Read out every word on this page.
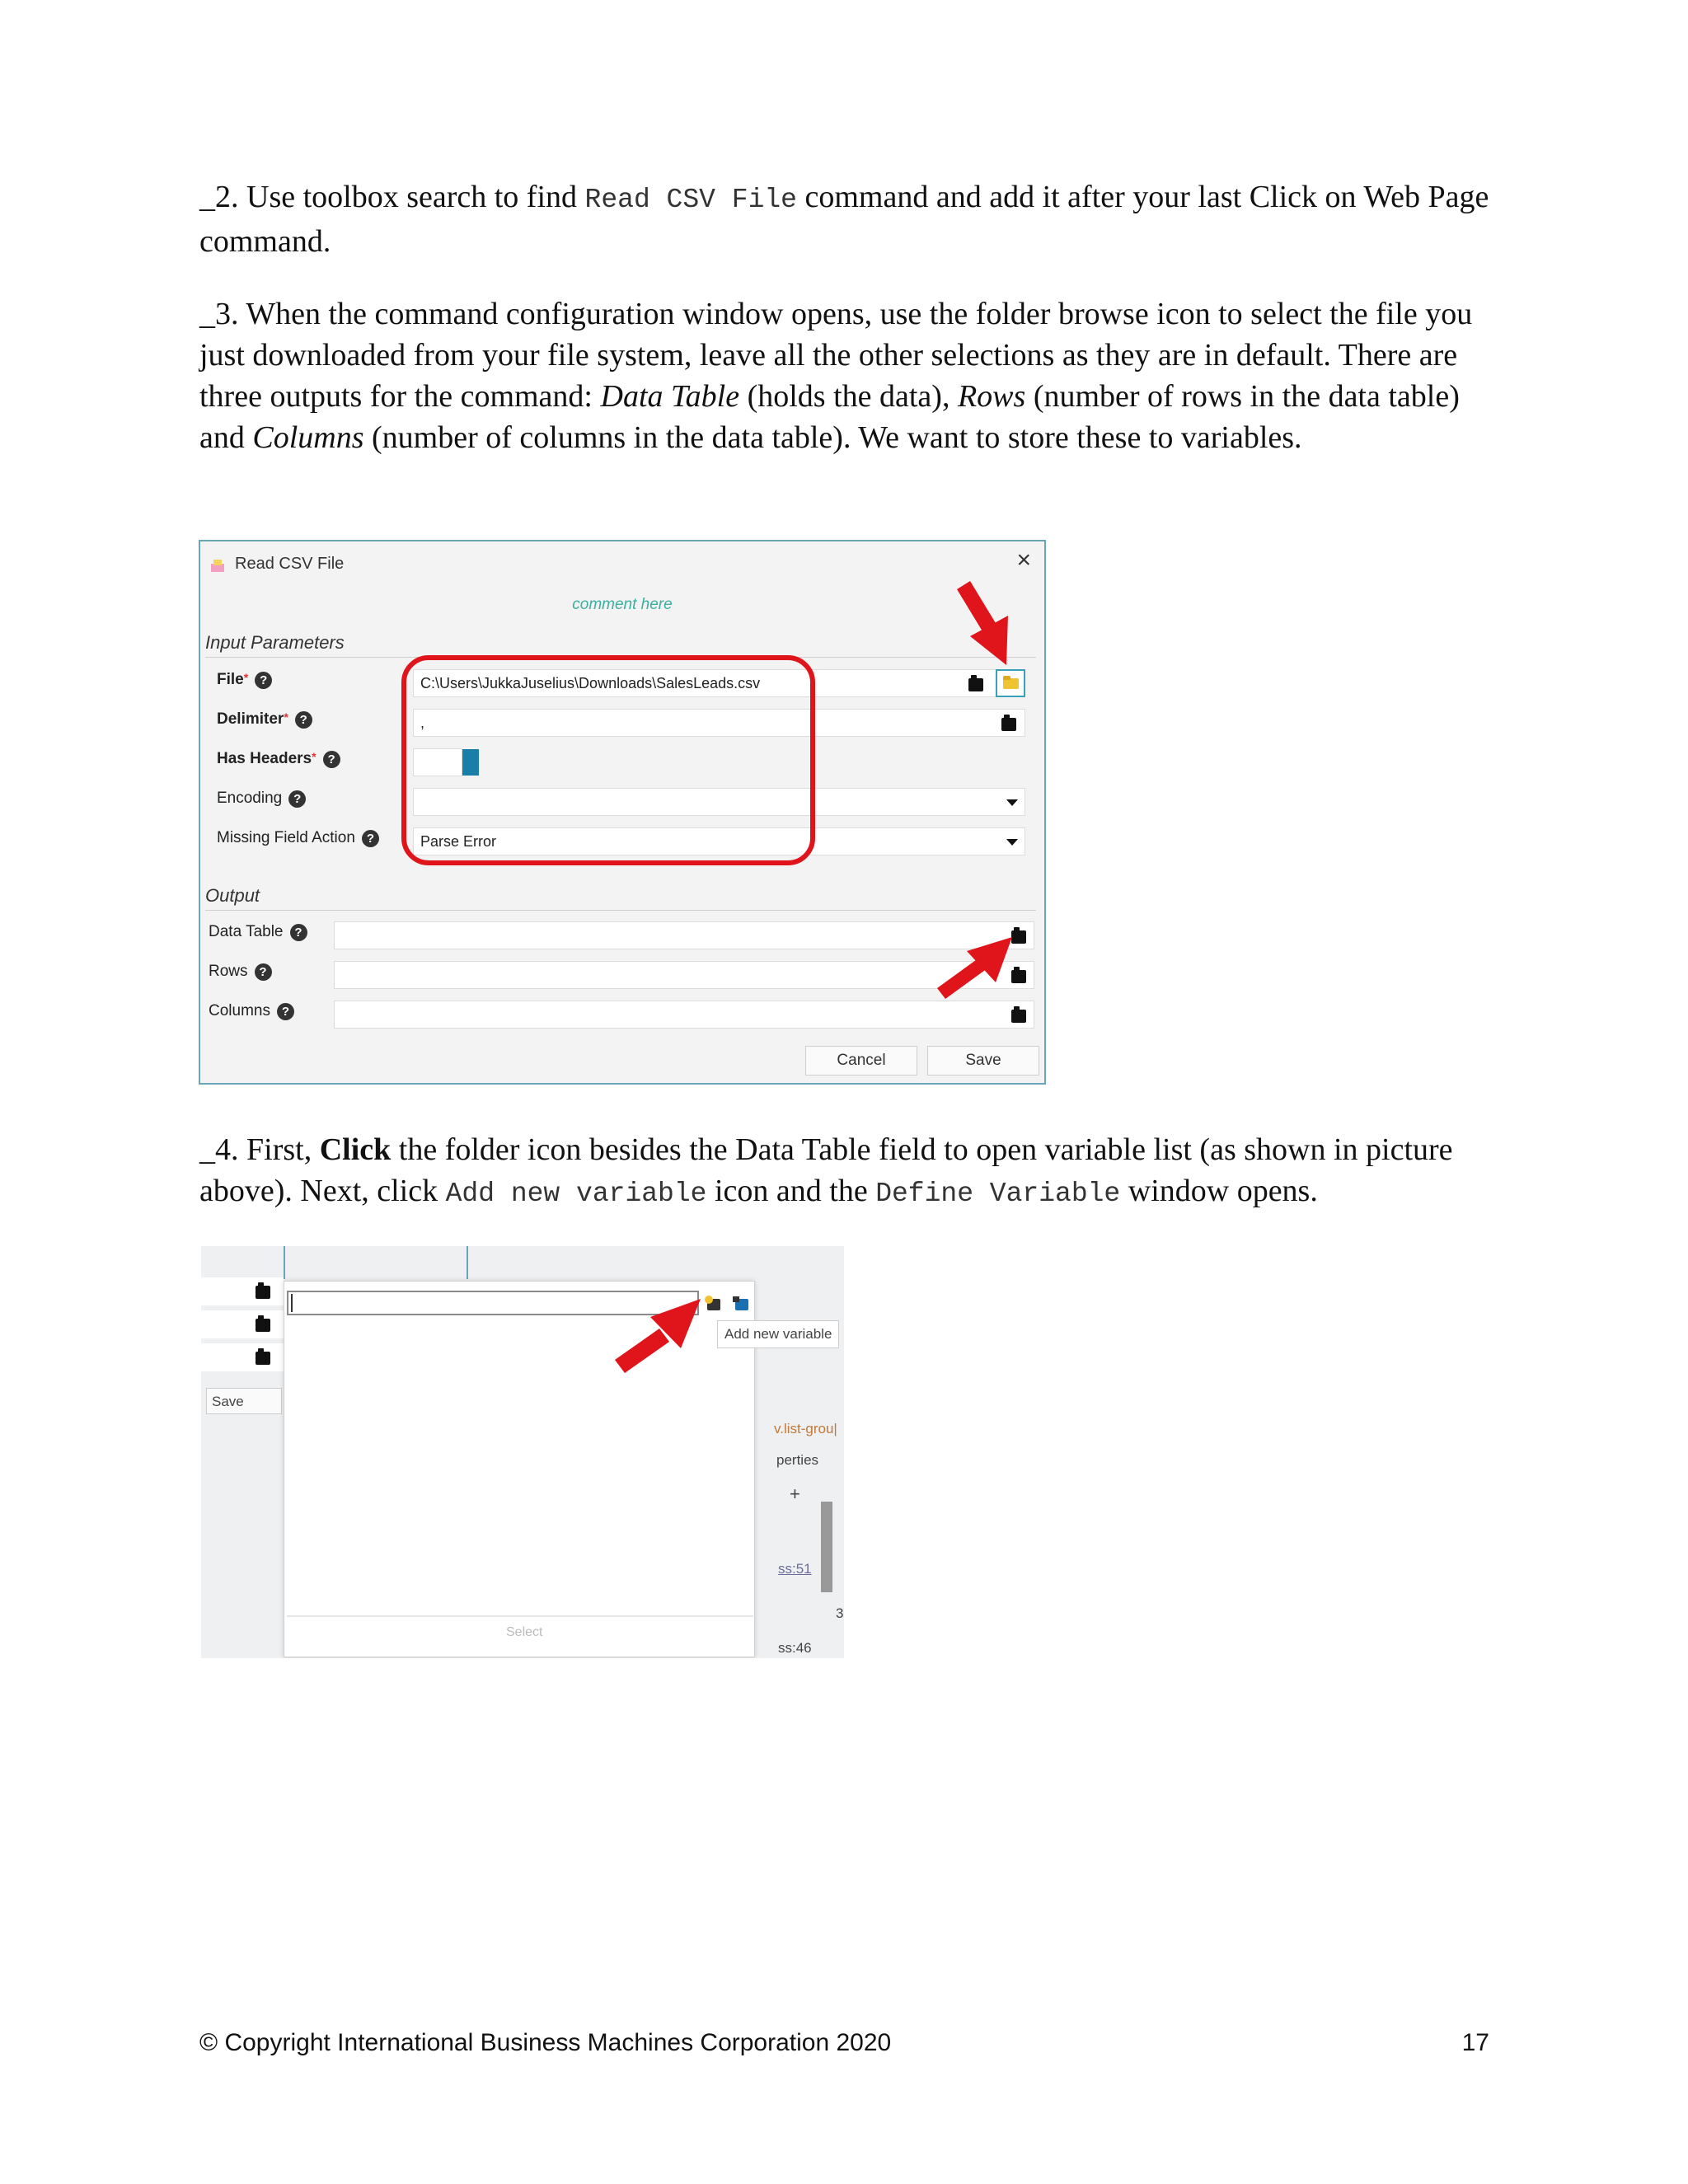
_2. Use toolbox search to find Read CSV File command and add it after your last Click on Web Page command.
_3. When the command configuration window opens, use the folder browse icon to select the file you just downloaded from your file system, leave all the other selections as they are in default. There are three outputs for the command: Data Table (holds the data), Rows (number of rows in the data table) and Columns (number of columns in the data table). We want to store these to variables.
Read CSV File	×
comment here
Input Parameters
File* ?	C:\Users\JukkaJuselius\Downloads\SalesLeads.csv
Delimiter* ?	,
Has Headers* ?
Encoding ?
Missing Field Action ?	Parse Error
Output
Data Table ?
Rows ?
Columns ?
Cancel	Save
_4. First, Click the folder icon besides the Data Table field to open variable list (as shown in picture above). Next, click Add new variable icon and the Define Variable window opens.
Save
Add new variable
Select
v.list-grou|
perties
+
ss:51
3
ss:46
© Copyright International Business Machines Corporation 2020	17
